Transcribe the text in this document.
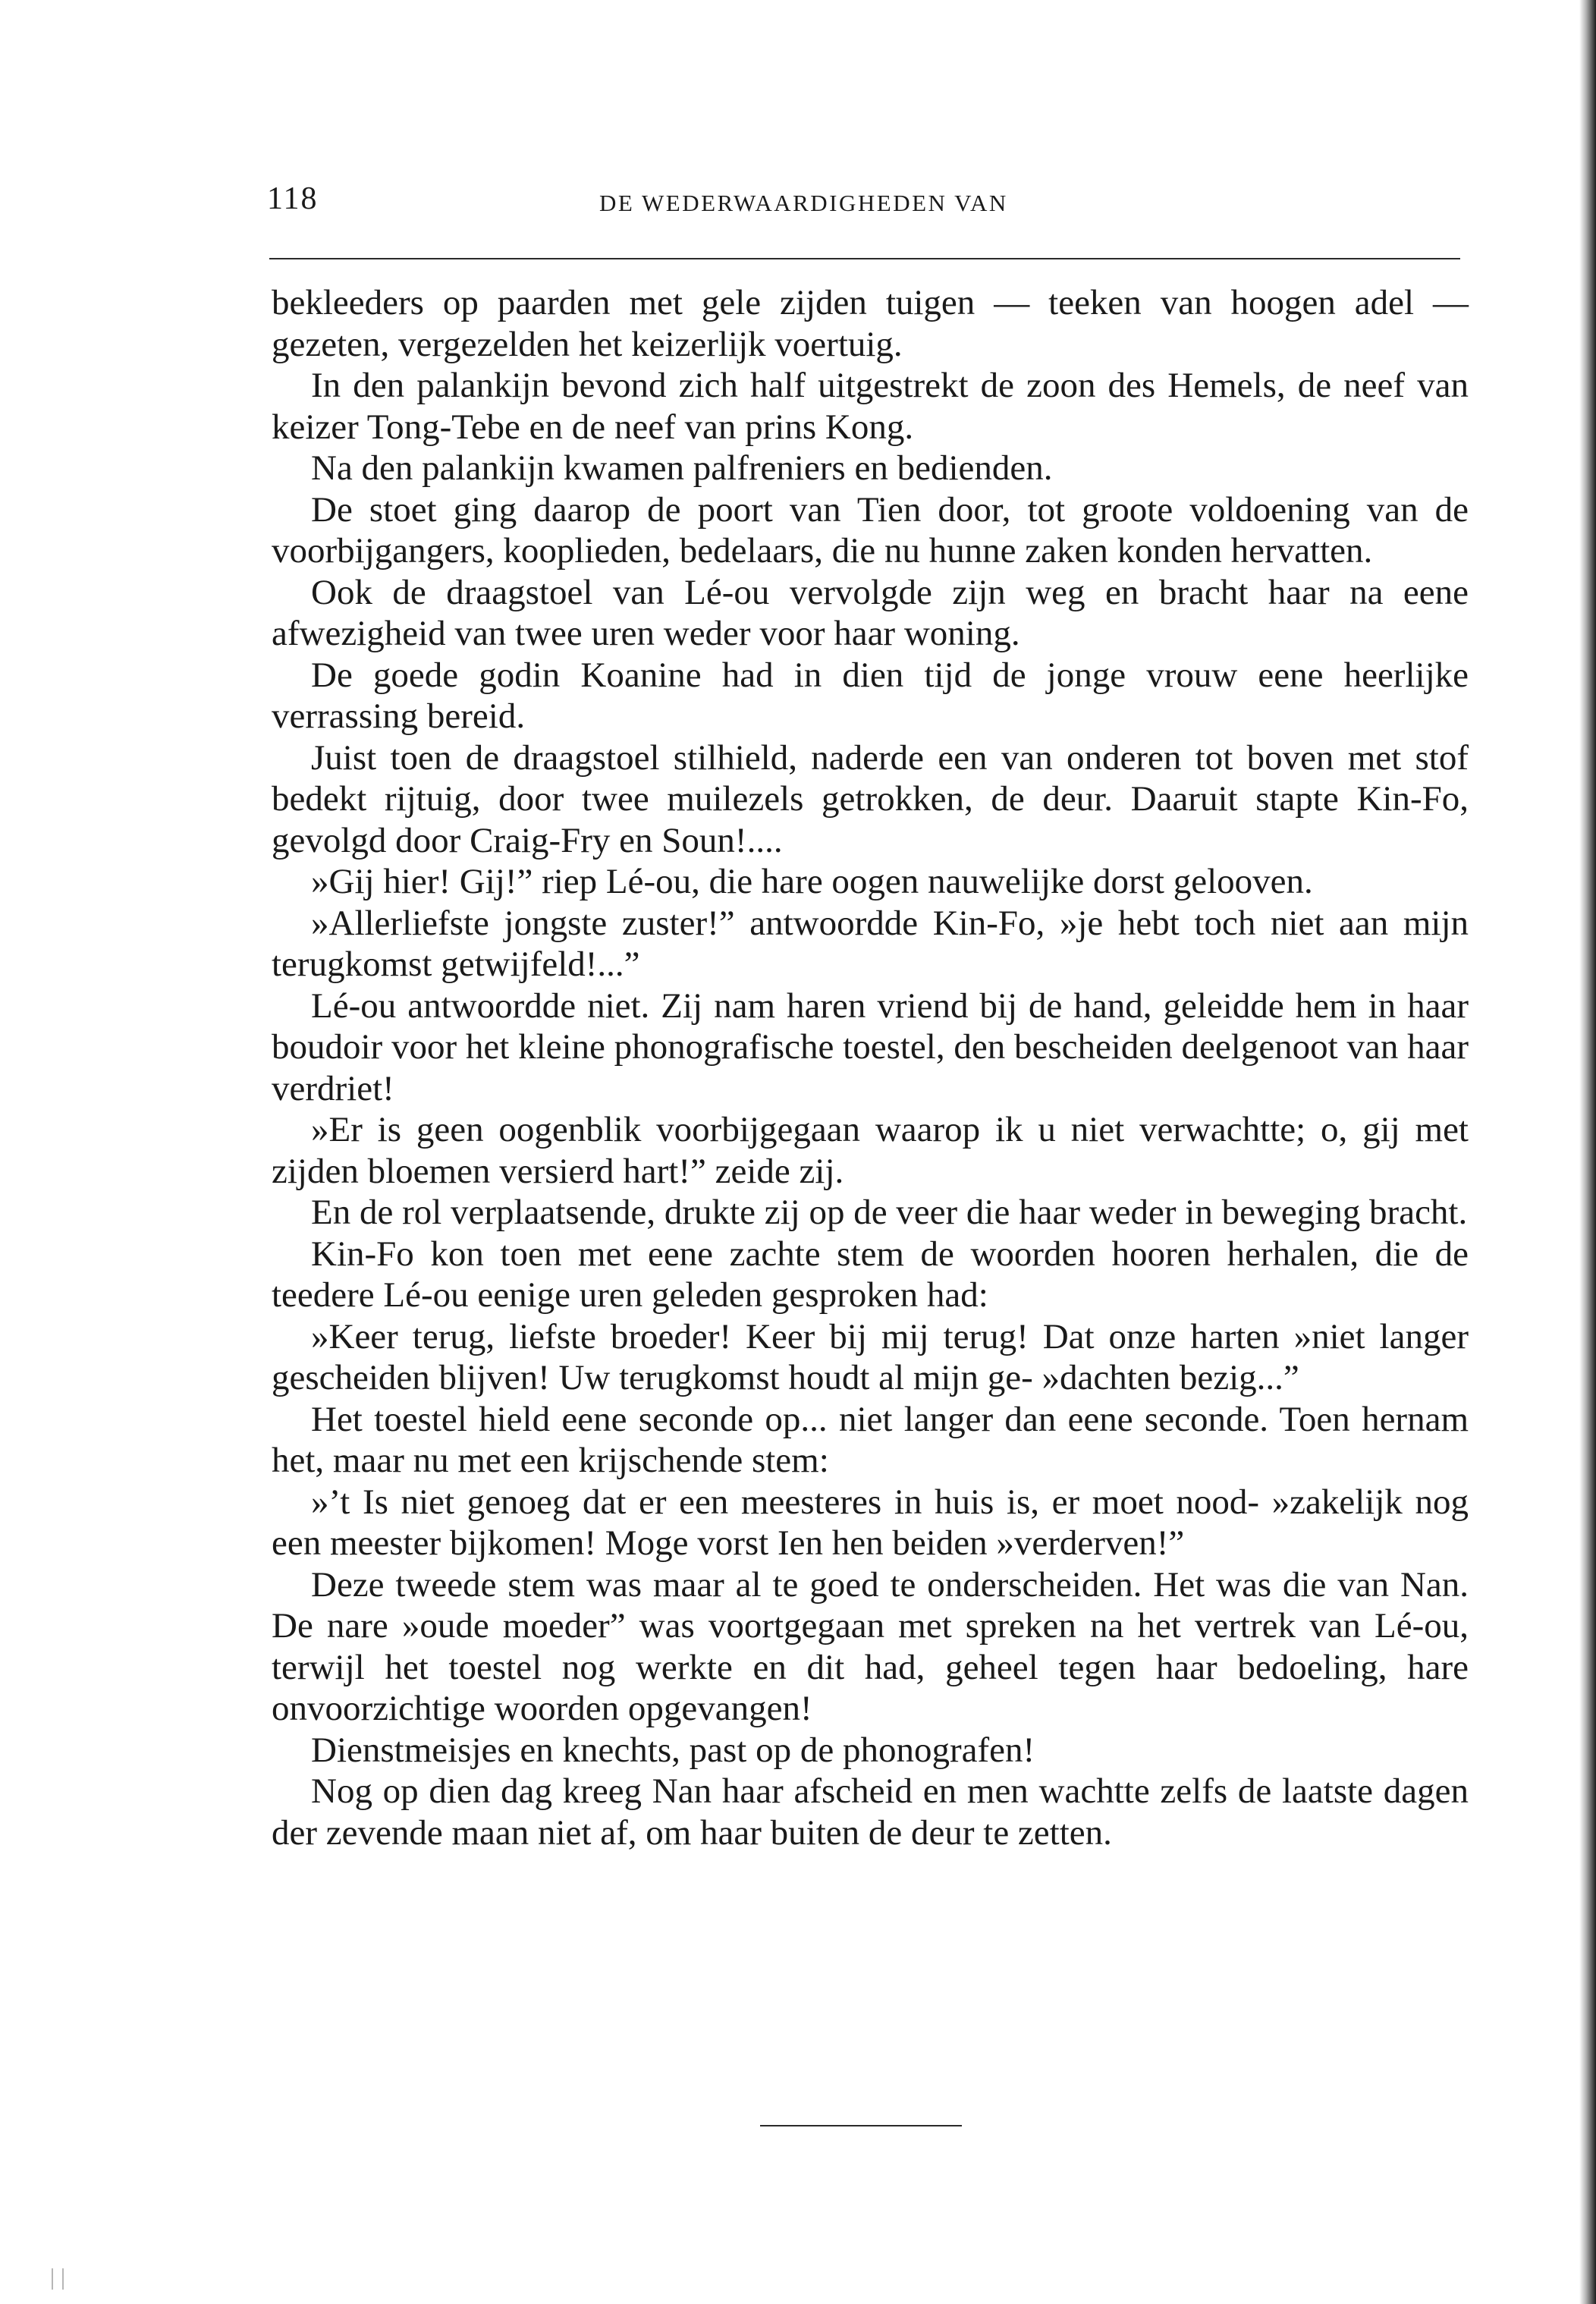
118	DE WEDERWAARDIGHEDEN VAN

bekleeders op paarden met gele zijden tuigen — teeken van hoogen adel — gezeten, vergezelden het keizerlijk voertuig.

In den palankijn bevond zich half uitgestrekt de zoon des Hemels, de neef van keizer Tong-Tebe en de neef van prins Kong.

Na den palankijn kwamen palfreniers en bedienden.

De stoet ging daarop de poort van Tien door, tot groote voldoening van de voorbijgangers, kooplieden, bedelaars, die nu hunne zaken konden hervatten.

Ook de draagstoel van Lé-ou vervolgde zijn weg en bracht haar na eene afwezigheid van twee uren weder voor haar woning.

De goede godin Koanine had in dien tijd de jonge vrouw eene heerlijke verrassing bereid.

Juist toen de draagstoel stilhield, naderde een van onderen tot boven met stof bedekt rijtuig, door twee muilezels getrokken, de deur. Daaruit stapte Kin-Fo, gevolgd door Craig-Fry en Soun!....

»Gij hier! Gij!” riep Lé-ou, die hare oogen nauwelijke dorst gelooven.

»Allerliefste jongste zuster!” antwoordde Kin-Fo, »je hebt toch niet aan mijn terugkomst getwijfeld!...”

Lé-ou antwoordde niet. Zij nam haren vriend bij de hand, geleidde hem in haar boudoir voor het kleine phonografische toestel, den bescheiden deelgenoot van haar verdriet!

»Er is geen oogenblik voorbijgegaan waarop ik u niet verwachtte; o, gij met zijden bloemen versierd hart!” zeide zij.

En de rol verplaatsende, drukte zij op de veer die haar weder in beweging bracht.

Kin-Fo kon toen met eene zachte stem de woorden hooren herhalen, die de teedere Lé-ou eenige uren geleden gesproken had:

»Keer terug, liefste broeder! Keer bij mij terug! Dat onze harten »niet langer gescheiden blijven! Uw terugkomst houdt al mijn ge- »dachten bezig...”

Het toestel hield eene seconde op... niet langer dan eene seconde. Toen hernam het, maar nu met een krijschende stem:

»’t Is niet genoeg dat er een meesteres in huis is, er moet nood- »zakelijk nog een meester bijkomen! Moge vorst Ien hen beiden »verderven!”

Deze tweede stem was maar al te goed te onderscheiden. Het was die van Nan. De nare »oude moeder” was voortgegaan met spreken na het vertrek van Lé-ou, terwijl het toestel nog werkte en dit had, geheel tegen haar bedoeling, hare onvoorzichtige woorden opgevangen!

Dienstmeisjes en knechts, past op de phonografen!

Nog op dien dag kreeg Nan haar afscheid en men wachtte zelfs de laatste dagen der zevende maan niet af, om haar buiten de deur te zetten.
